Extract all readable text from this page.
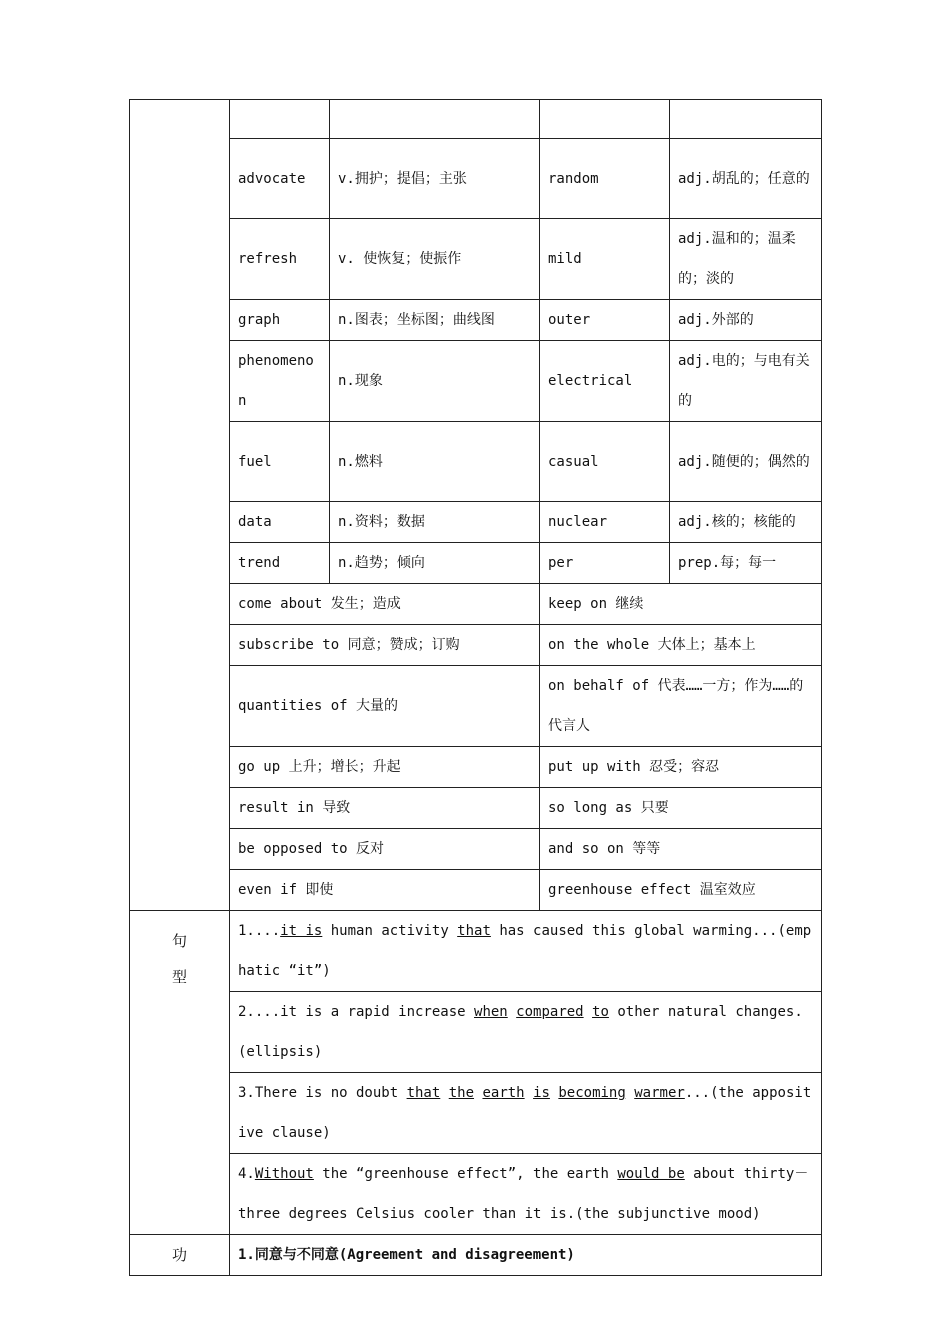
	advocate	v.拥护；提倡；主张	random	adj.胡乱的；任意的
	refresh	v. 使恢复；使振作	mild	adj.温和的；温柔的；淡的
	graph	n.图表；坐标图；曲线图	outer	adj.外部的
	phenomenon	n.现象	electrical	adj.电的；与电有关的
	fuel	n.燃料	casual	adj.随便的；偶然的
	data	n.资料；数据	nuclear	adj.核的；核能的
	trend	n.趋势；倾向	per	prep.每；每一
	come about 发生；造成		keep on 继续	
	subscribe to 同意；赞成；订购		on the whole 大体上；基本上	
	quantities of 大量的		on behalf of 代表……一方；作为……的代言人	
	go up 上升；增长；升起		put up with 忍受；容忍	
	result in 导致		so long as 只要	
	be opposed to 反对		and so on 等等	
	even if 即使		greenhouse effect 温室效应	

句
型	1....it is human activity that has caused this global warming...(emphatic “it”)			
	2....it is a rapid increase when compared to other natural changes.(ellipsis)			
	3.There is no doubt that the earth is becoming warmer...(the appositive clause)			
	4.Without the “greenhouse effect”, the earth would be about thirty－three degrees Celsius cooler than it is.(the subjunctive mood)			
功	1.同意与不同意(Agreement and disagreement)			
